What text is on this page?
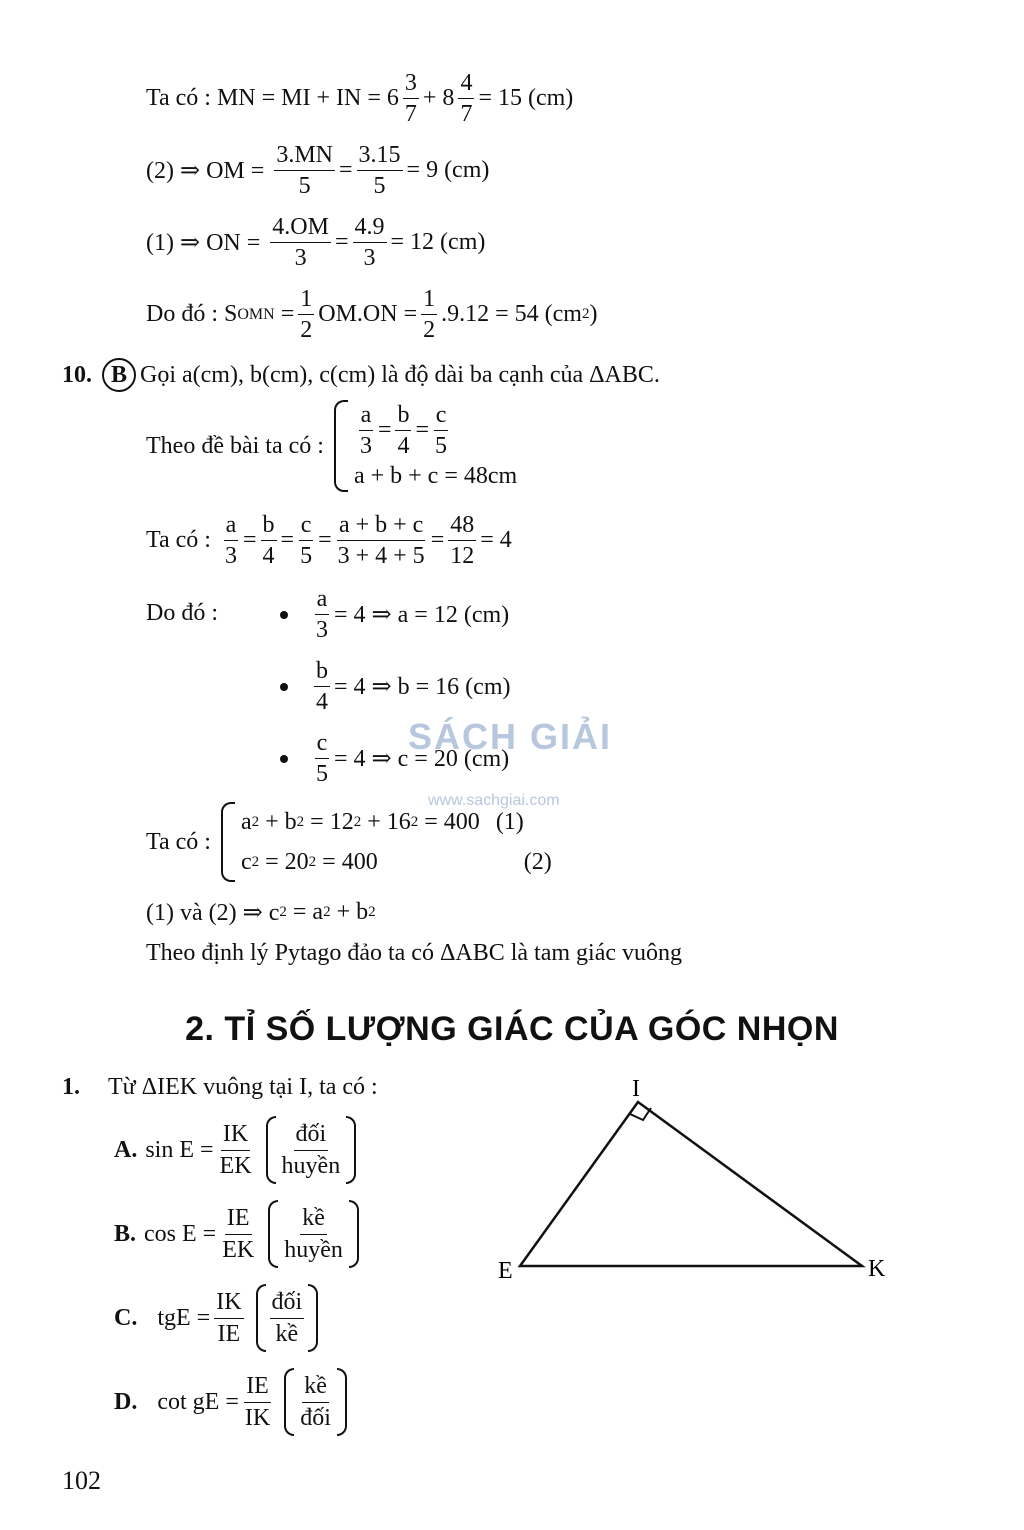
Ta có : MN = MI + IN = $6 \frac{3}{7} + 8 \frac{4}{7} = 15$ (cm)
(2) ⇒ OM = $\frac{3.MN}{5} = \frac{3.15}{5} = 9$ (cm)
(1) ⇒ ON = $\frac{4.OM}{3} = \frac{4.9}{3} = 12$ (cm)
Do đó : S OMN = $\frac{1}{2} OM.ON = \frac{1}{2} .9.12 = 54$ (cm 2 )
10. B Gọi a(cm), b(cm), c(cm) là độ dài ba cạnh của ΔABC.
Theo đề bài ta có : $\frac{a}{3} = \frac{b}{4} = \frac{c}{5}$
a + b + c = 48cm
Ta có : $\frac{a}{3} = \frac{b}{4} = \frac{c}{5} = \frac{a + b + c}{3 + 4 + 5} = \frac{48}{12} = 4$
Do đó :	$\frac{a}{3} = 4$ ⇒ a = 12 (cm)
$\frac{b}{4} = 4$ ⇒ b = 16 (cm)
$\frac{c}{5} = 4$ ⇒ c = 20 (cm)
SÁCH GIẢI
www.sachgiai.com
Ta có :
a 2 + b 2 = 12 2 + 16 2 = 400 (1)
c 2 = 20 2 = 400	(2)
(1) và (2) ⇒ c 2 = a 2 + b 2
Theo định lý Pytago đảo ta có ΔABC là tam giác vuông
2. TỈ SỐ LƯỢNG GIÁC CỦA GÓC NHỌN
1. Từ ΔIEK vuông tại I, ta có :
A. $\sin E = \frac{IK}{EK} \frac{\text{đối}}{\text{huyền}}$
B. $\cos E = \frac{IE}{EK} \frac{\text{kề}}{\text{huyền}}$
C. tgE = $\frac{IK}{IE} \frac{\text{đối}}{\text{kề}}$
D. cot gE = $\frac{IE}{IK} \frac{\text{kề}}{\text{đối}}$
I
E	K
102
